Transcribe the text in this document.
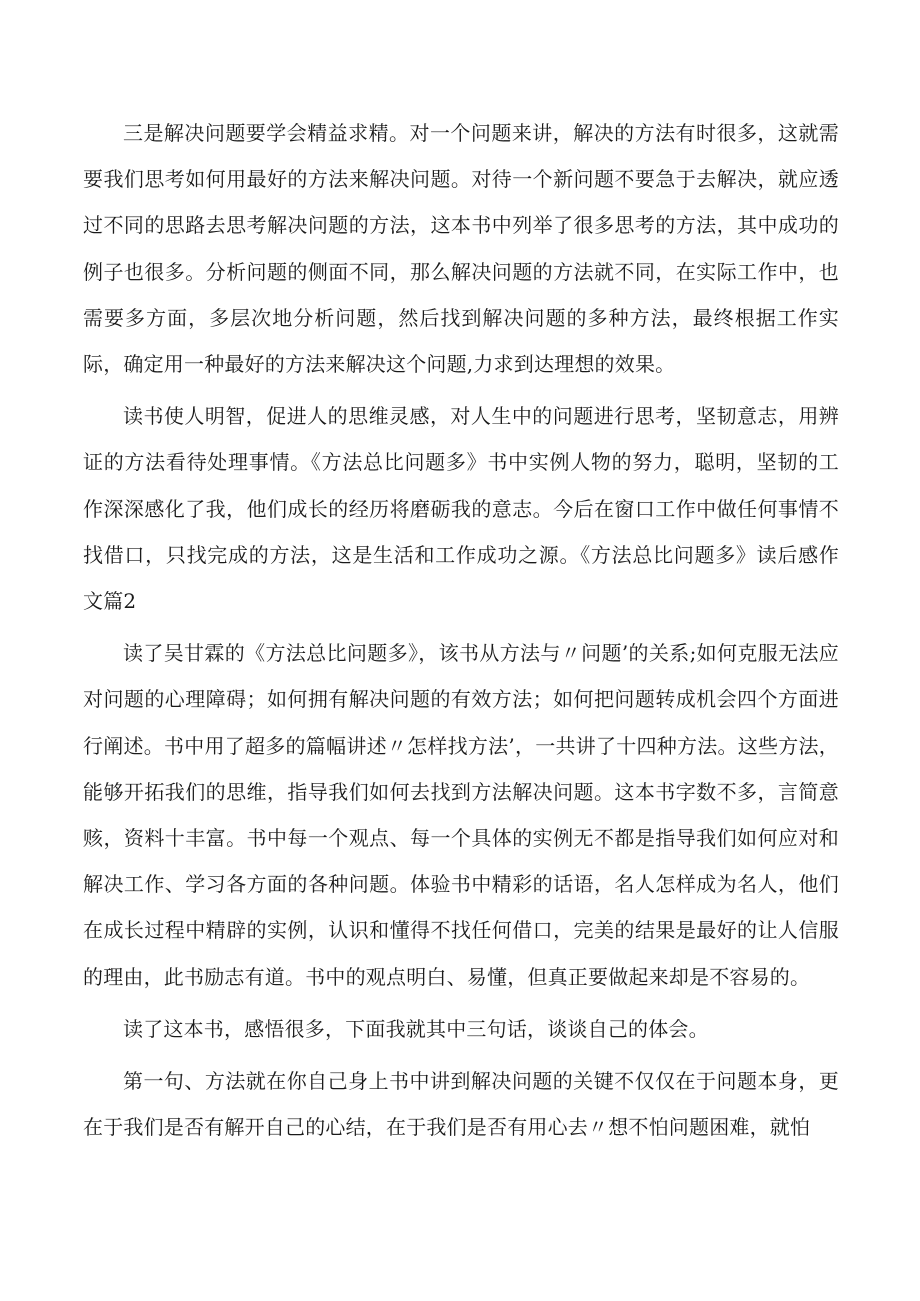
三是解决问题要学会精益求精。对一个问题来讲，解决的方法有时很多，这就需要我们思考如何用最好的方法来解决问题。对待一个新问题不要急于去解决，就应透过不同的思路去思考解决问题的方法，这本书中列举了很多思考的方法，其中成功的例子也很多。分析问题的侧面不同，那么解决问题的方法就不同，在实际工作中，也需要多方面，多层次地分析问题，然后找到解决问题的多种方法，最终根据工作实际，确定用一种最好的方法来解决这个问题,力求到达理想的效果。

读书使人明智，促进人的思维灵感，对人生中的问题进行思考，坚韧意志，用辨证的方法看待处理事情。《方法总比问题多》书中实例人物的努力，聪明，坚韧的工作深深感化了我，他们成长的经历将磨砺我的意志。今后在窗口工作中做任何事情不找借口，只找完成的方法，这是生活和工作成功之源。《方法总比问题多》读后感作文篇2

读了吴甘霖的《方法总比问题多》，该书从方法与〃问题’的关系;如何克服无法应对问题的心理障碍；如何拥有解决问题的有效方法；如何把问题转成机会四个方面进行阐述。书中用了超多的篇幅讲述〃怎样找方法’，一共讲了十四种方法。这些方法，能够开拓我们的思维，指导我们如何去找到方法解决问题。这本书字数不多，言简意赅，资料十丰富。书中每一个观点、每一个具体的实例无不都是指导我们如何应对和解决工作、学习各方面的各种问题。体验书中精彩的话语，名人怎样成为名人，他们在成长过程中精辟的实例，认识和懂得不找任何借口，完美的结果是最好的让人信服的理由，此书励志有道。书中的观点明白、易懂，但真正要做起来却是不容易的。

读了这本书，感悟很多，下面我就其中三句话，谈谈自己的体会。

第一句、方法就在你自己身上书中讲到解决问题的关键不仅仅在于问题本身，更在于我们是否有解开自己的心结，在于我们是否有用心去〃想不怕问题困难，就怕
